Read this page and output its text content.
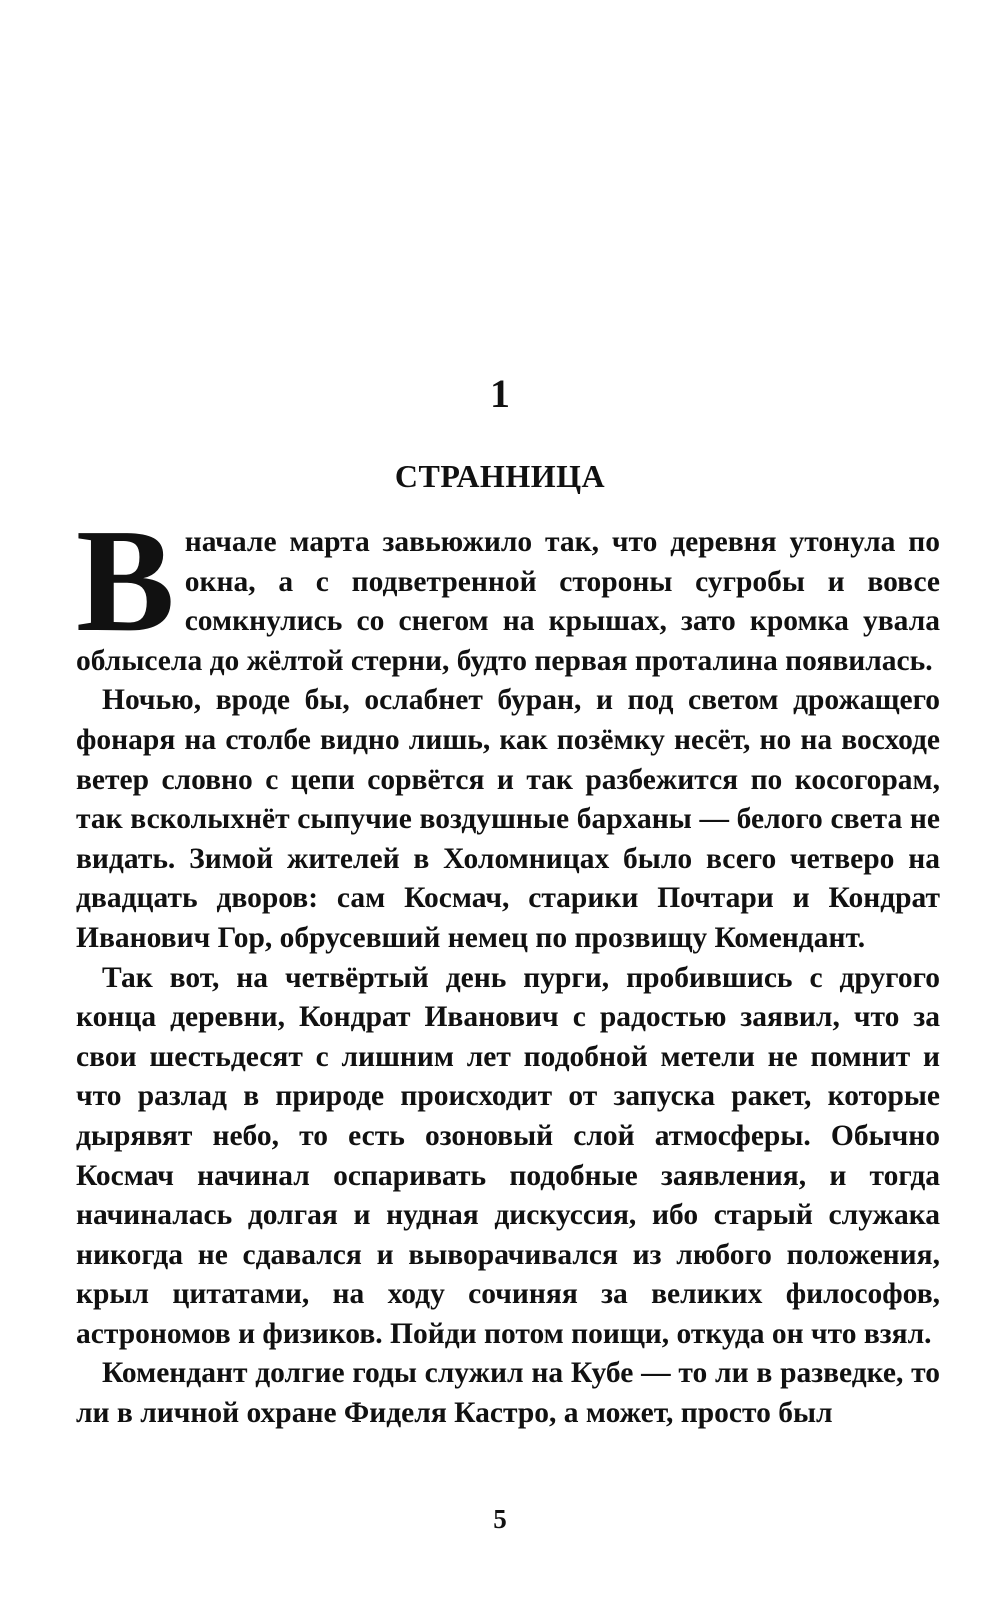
1
СТРАННИЦА

В начале марта завьюжило так, что деревня утонула по окна, а с подветренной стороны сугробы и вовсе сомкнулись со снегом на крышах, зато кромка увала облысела до жёлтой стерни, будто первая проталина появилась.

Ночью, вроде бы, ослабнет буран, и под светом дрожащего фонаря на столбе видно лишь, как позёмку несёт, но на восходе ветер словно с цепи сорвётся и так разбежится по косогорам, так всколыхнёт сыпучие воздушные барханы — белого света не видать. Зимой жителей в Холомницах было всего четверо на двадцать дворов: сам Космач, старики Почтари и Кондрат Иванович Гор, обрусевший немец по прозвищу Комендант.

Так вот, на четвёртый день пурги, пробившись с другого конца деревни, Кондрат Иванович с радостью заявил, что за свои шестьдесят с лишним лет подобной метели не помнит и что разлад в природе происходит от запуска ракет, которые дырявят небо, то есть озоновый слой атмосферы. Обычно Космач начинал оспаривать подобные заявления, и тогда начиналась долгая и нудная дискуссия, ибо старый служака никогда не сдавался и выворачивался из любого положения, крыл цитатами, на ходу сочиняя за великих философов, астрономов и физиков. Пойди потом поищи, откуда он что взял.

Комендант долгие годы служил на Кубе — то ли в разведке, то ли в личной охране Фиделя Кастро, а может, просто был

5
